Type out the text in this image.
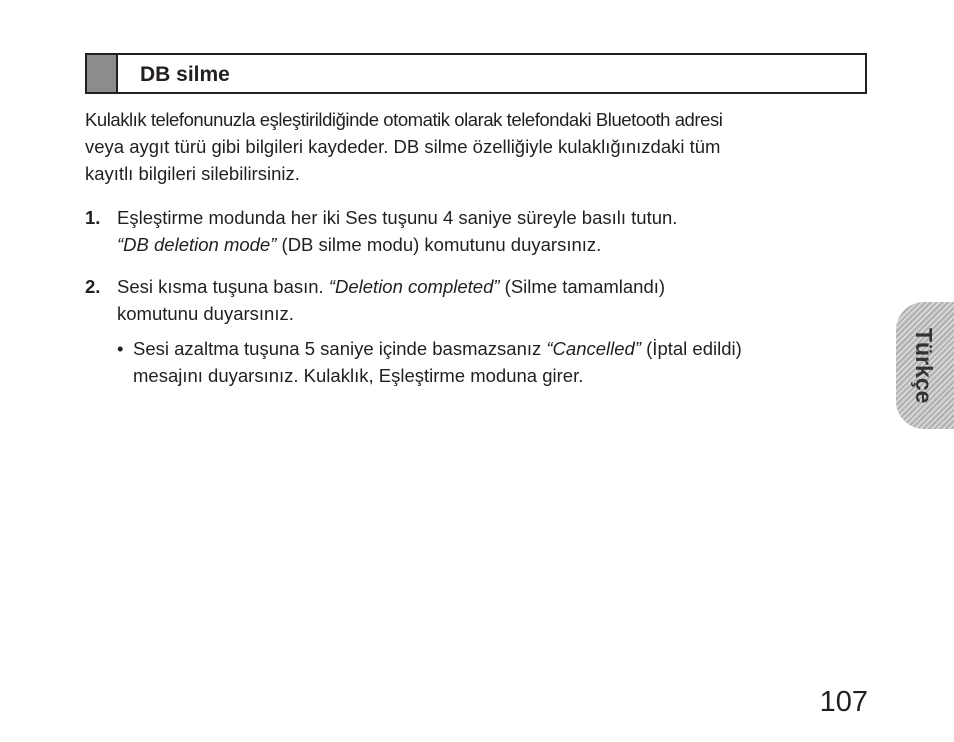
DB silme

Kulaklık telefonunuzla eşleştirildiğinde otomatik olarak telefondaki Bluetooth adresi

veya aygıt türü gibi bilgileri kaydeder. DB silme özelliğiyle kulaklığınızdaki tüm

kayıtlı bilgileri silebilirsiniz.

1. Eşleştirme modunda her iki Ses tuşunu 4 saniye süreyle basılı tutun.
“DB deletion mode” (DB silme modu) komutunu duyarsınız.
2. Sesi kısma tuşuna basın. “Deletion completed” (Silme tamamlandı)
komutunu duyarsınız.
• Sesi azaltma tuşuna 5 saniye içinde basmazsanız “Cancelled” (İptal edildi)
mesajını duyarsınız. Kulaklık, Eşleştirme moduna girer.	Türkçe
107
